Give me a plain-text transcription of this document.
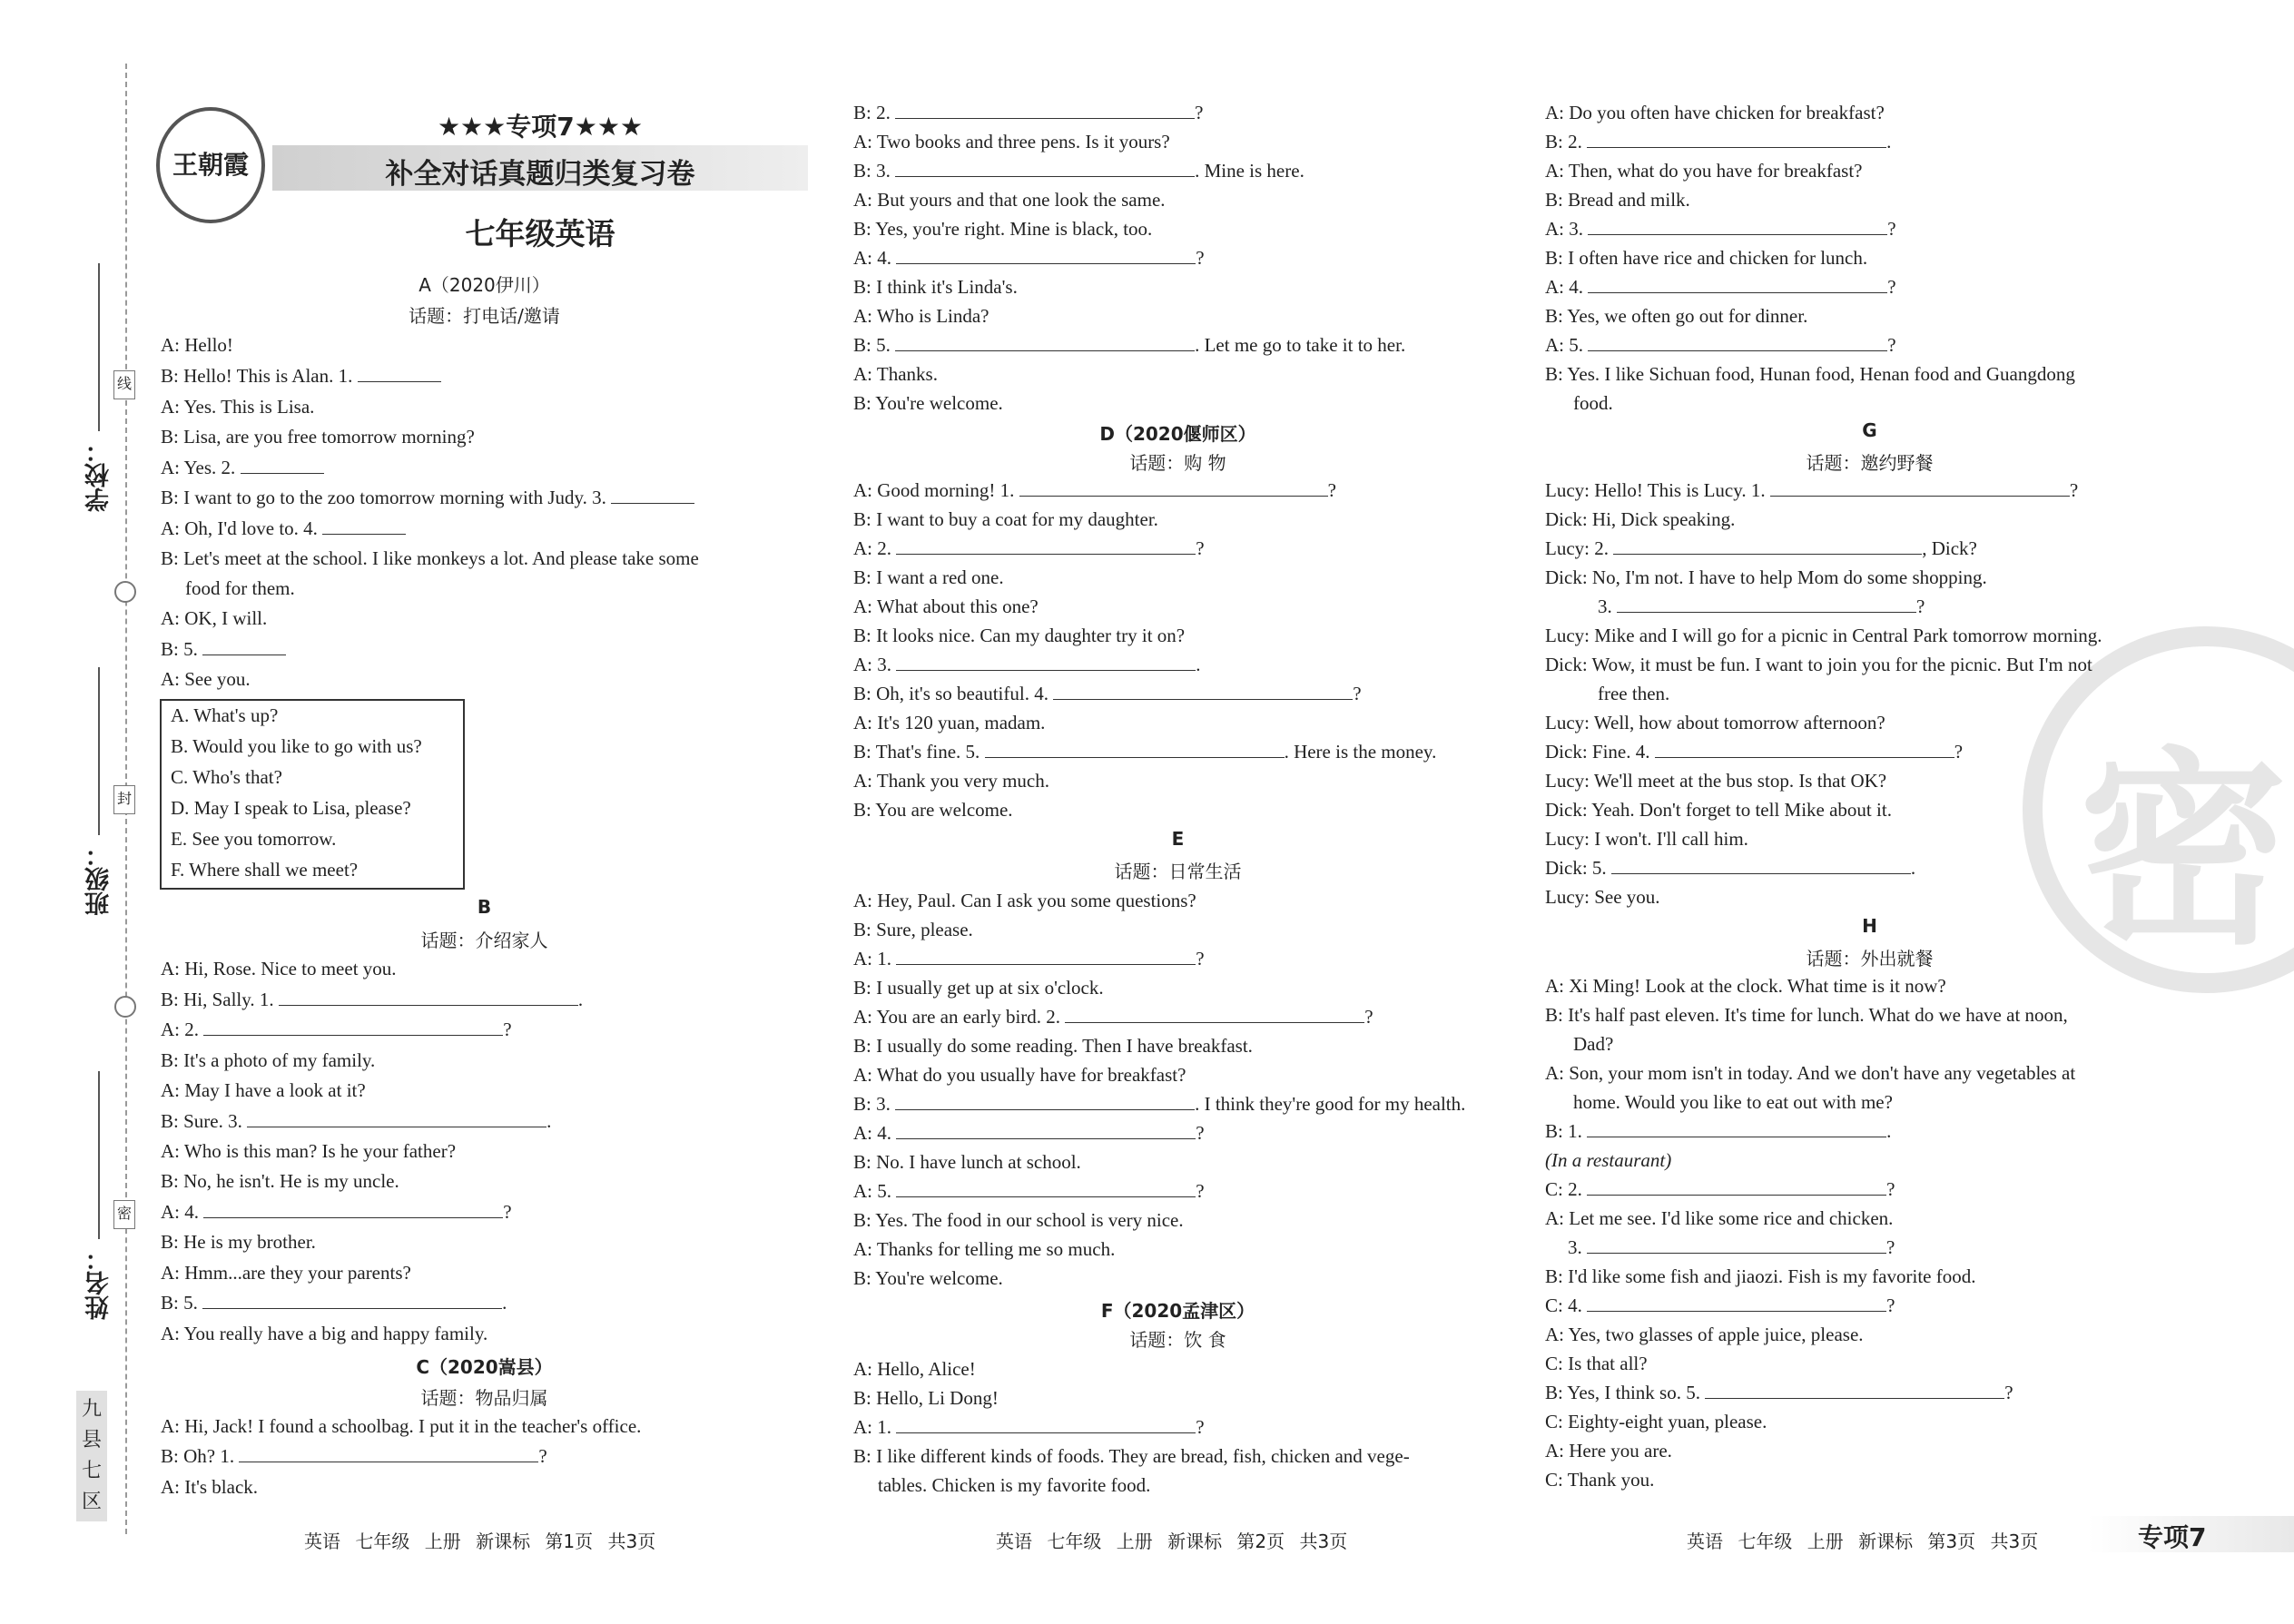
学校：
班级：
姓名：
线
封
密
九
县
七
区
王朝霞
★★★专项7★★★
补全对话真题归类复习卷
七年级英语
密
A（2020伊川）
话题：打电话/邀请
A: Hello!
B: Hello! This is Alan. 1.
A: Yes. This is Lisa.
B: Lisa, are you free tomorrow morning?
A: Yes. 2.
B: I want to go to the zoo tomorrow morning with Judy. 3.
A: Oh, I'd love to. 4.
B: Let's meet at the school. I like monkeys a lot. And please take some
food for them.
A: OK, I will.
B: 5.
A: See you.
A. What's up?
B. Would you like to go with us?
C. Who's that?
D. May I speak to Lisa, please?
E. See you tomorrow.
F. Where shall we meet?
B
话题：介绍家人
A: Hi, Rose. Nice to meet you.
B: Hi, Sally. 1.	.
A: 2.	?
B: It's a photo of my family.
A: May I have a look at it?
B: Sure. 3.	.
A: Who is this man? Is he your father?
B: No, he isn't. He is my uncle.
A: 4.	?
B: He is my brother.
A: Hmm...are they your parents?
B: 5.	.
A: You really have a big and happy family.
C（2020嵩县）
话题：物品归属
A: Hi, Jack! I found a schoolbag. I put it in the teacher's office.
B: Oh? 1.	?
A: It's black.
英语 七年级 上册 新课标 第1页 共3页
B: 2.	?
A: Two books and three pens. Is it yours?
B: 3.	. Mine is here.
A: But yours and that one look the same.
B: Yes, you're right. Mine is black, too.
A: 4.	?
B: I think it's Linda's.
A: Who is Linda?
B: 5.	. Let me go to take it to her.
A: Thanks.
B: You're welcome.
D（2020偃师区）
话题：购 物
A: Good morning! 1.	?
B: I want to buy a coat for my daughter.
A: 2.	?
B: I want a red one.
A: What about this one?
B: It looks nice. Can my daughter try it on?
A: 3.	.
B: Oh, it's so beautiful. 4.	?
A: It's 120 yuan, madam.
B: That's fine. 5.	. Here is the money.
A: Thank you very much.
B: You are welcome.
E
话题：日常生活
A: Hey, Paul. Can I ask you some questions?
B: Sure, please.
A: 1.	?
B: I usually get up at six o'clock.
A: You are an early bird. 2.	?
B: I usually do some reading. Then I have breakfast.
A: What do you usually have for breakfast?
B: 3.	. I think they're good for my health.
A: 4.	?
B: No. I have lunch at school.
A: 5.	?
B: Yes. The food in our school is very nice.
A: Thanks for telling me so much.
B: You're welcome.
F（2020孟津区）
话题：饮 食
A: Hello, Alice!
B: Hello, Li Dong!
A: 1.	?
B: I like different kinds of foods. They are bread, fish, chicken and vege-
tables. Chicken is my favorite food.
英语 七年级 上册 新课标 第2页 共3页
A: Do you often have chicken for breakfast?
B: 2.	.
A: Then, what do you have for breakfast?
B: Bread and milk.
A: 3.	?
B: I often have rice and chicken for lunch.
A: 4.	?
B: Yes, we often go out for dinner.
A: 5.	?
B: Yes. I like Sichuan food, Hunan food, Henan food and Guangdong
food.
G
话题：邀约野餐
Lucy: Hello! This is Lucy. 1.	?
Dick: Hi, Dick speaking.
Lucy: 2.	, Dick?
Dick: No, I'm not. I have to help Mom do some shopping.
3.	?
Lucy: Mike and I will go for a picnic in Central Park tomorrow morning.
Dick: Wow, it must be fun. I want to join you for the picnic. But I'm not
free then.
Lucy: Well, how about tomorrow afternoon?
Dick: Fine. 4.	?
Lucy: We'll meet at the bus stop. Is that OK?
Dick: Yeah. Don't forget to tell Mike about it.
Lucy: I won't. I'll call him.
Dick: 5.	.
Lucy: See you.
H
话题：外出就餐
A: Xi Ming! Look at the clock. What time is it now?
B: It's half past eleven. It's time for lunch. What do we have at noon,
Dad?
A: Son, your mom isn't in today. And we don't have any vegetables at
home. Would you like to eat out with me?
B: 1.	.
(In a restaurant)
C: 2.	?
A: Let me see. I'd like some rice and chicken.
3.	?
B: I'd like some fish and jiaozi. Fish is my favorite food.
C: 4.	?
A: Yes, two glasses of apple juice, please.
C: Is that all?
B: Yes, I think so. 5.	?
C: Eighty-eight yuan, please.
A: Here you are.
C: Thank you.
英语 七年级 上册 新课标 第3页 共3页	专项7
